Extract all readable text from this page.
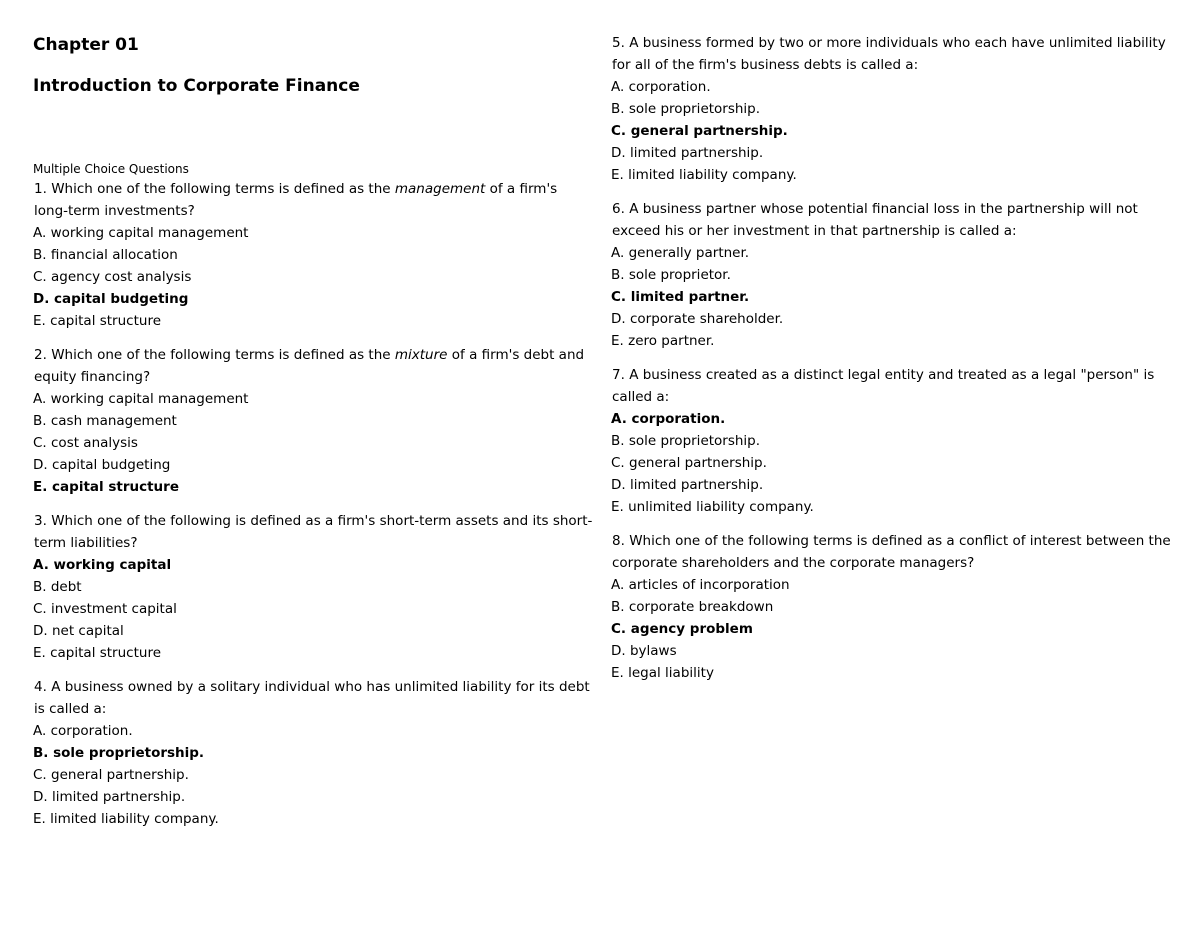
Chapter 01
Introduction to Corporate Finance
Multiple Choice Questions

1. Which one of the following terms is defined as the management of a firm's long-term investments?

A. working capital management

B. financial allocation

C. agency cost analysis

D. capital budgeting

E. capital structure

2. Which one of the following terms is defined as the mixture of a firm's debt and equity financing?

A. working capital management

B. cash management

C. cost analysis

D. capital budgeting

E. capital structure

3. Which one of the following is defined as a firm's short-term assets and its short-term liabilities?

A. working capital

B. debt

C. investment capital

D. net capital

E. capital structure

4. A business owned by a solitary individual who has unlimited liability for its debt is called a:

A. corporation.

B. sole proprietorship.

C. general partnership.

D. limited partnership.

E. limited liability company.

5. A business formed by two or more individuals who each have unlimited liability for all of the firm's business debts is called a:

A. corporation.

B. sole proprietorship.

C. general partnership.

D. limited partnership.

E. limited liability company.

6. A business partner whose potential financial loss in the partnership will not exceed his or her investment in that partnership is called a:

A. generally partner.

B. sole proprietor.

C. limited partner.

D. corporate shareholder.

E. zero partner.

7. A business created as a distinct legal entity and treated as a legal "person" is called a:

A. corporation.

B. sole proprietorship.

C. general partnership.

D. limited partnership.

E. unlimited liability company.

8. Which one of the following terms is defined as a conflict of interest between the corporate shareholders and the corporate managers?

A. articles of incorporation

B. corporate breakdown

C. agency problem

D. bylaws

E. legal liability
